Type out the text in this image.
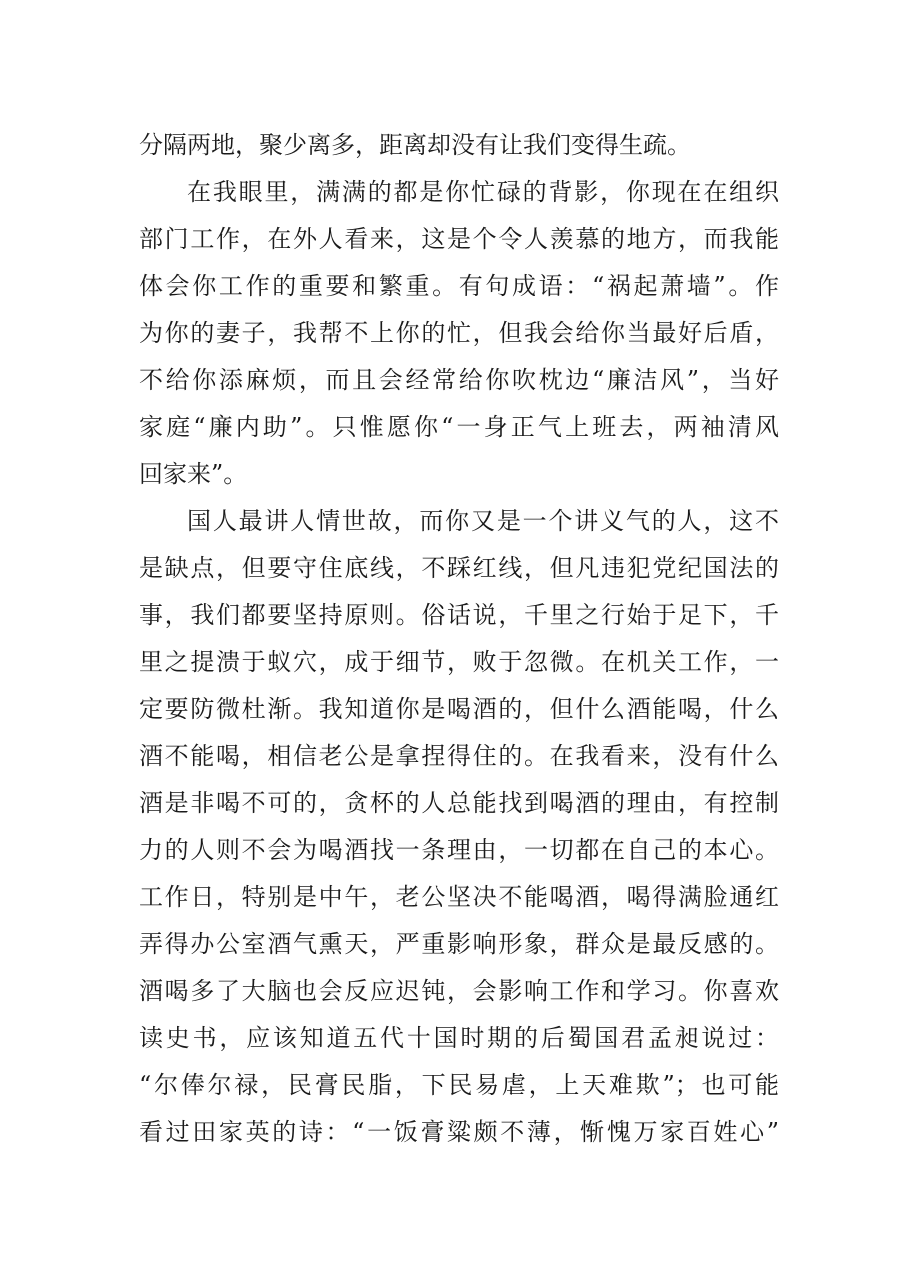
分隔两地，聚少离多，距离却没有让我们变得生疏。
在我眼里，满满的都是你忙碌的背影，你现在在组织
部门工作，在外人看来，这是个令人羡慕的地方，而我能
体会你工作的重要和繁重。有句成语：“祸起萧墙”。作
为你的妻子，我帮不上你的忙，但我会给你当最好后盾，
不给你添麻烦，而且会经常给你吹枕边“廉洁风”，当好
家庭“廉内助”。只惟愿你“一身正气上班去，两袖清风
回家来”。
国人最讲人情世故，而你又是一个讲义气的人，这不
是缺点，但要守住底线，不踩红线，但凡违犯党纪国法的
事，我们都要坚持原则。俗话说，千里之行始于足下，千
里之提溃于蚁穴，成于细节，败于忽微。在机关工作，一
定要防微杜渐。我知道你是喝酒的，但什么酒能喝，什么
酒不能喝，相信老公是拿捏得住的。在我看来，没有什么
酒是非喝不可的，贪杯的人总能找到喝酒的理由，有控制
力的人则不会为喝酒找一条理由，一切都在自己的本心。
工作日，特别是中午，老公坚决不能喝酒，喝得满脸通红
弄得办公室酒气熏天，严重影响形象，群众是最反感的。
酒喝多了大脑也会反应迟钝，会影响工作和学习。你喜欢
读史书，应该知道五代十国时期的后蜀国君孟昶说过：
“尔俸尔禄，民膏民脂，下民易虐，上天难欺”；也可能
看过田家英的诗：“一饭膏粱颇不薄，惭愧万家百姓心”
